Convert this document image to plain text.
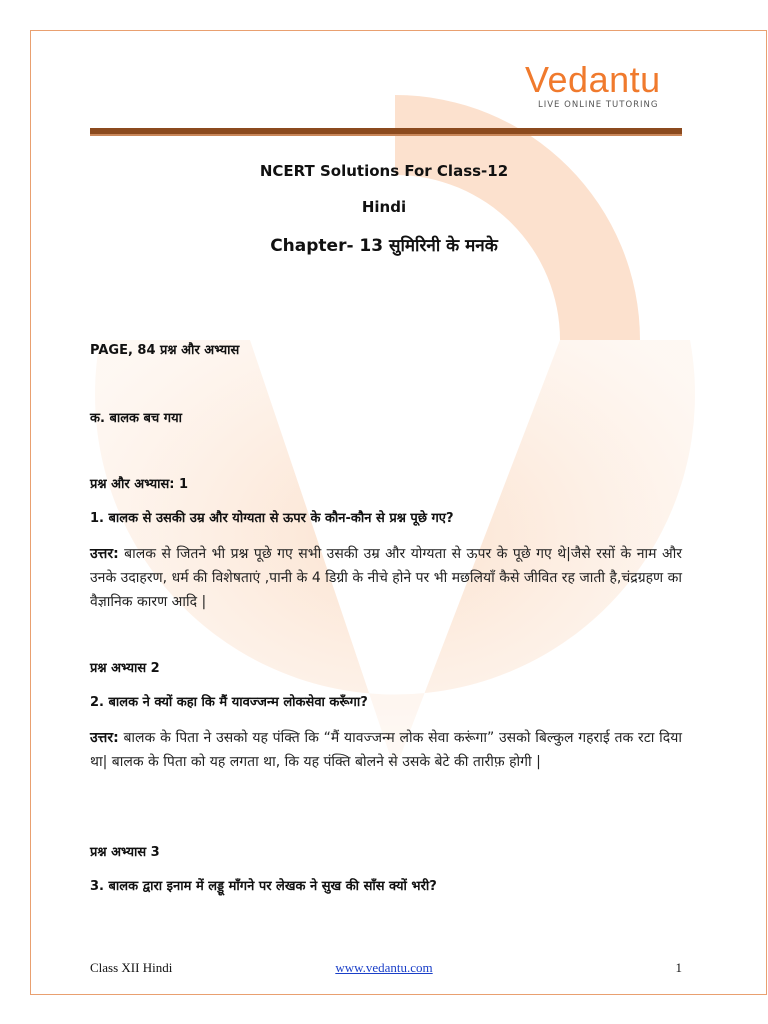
Vedantu
LIVE ONLINE TUTORING
NCERT Solutions For Class-12
Hindi
Chapter- 13 सुमिरिनी के मनके
PAGE, 84 प्रश्न और अभ्यास
क. बालक बच गया
प्रश्न और अभ्यास: 1
1. बालक से उसकी उम्र और योग्यता से ऊपर के कौन-कौन से प्रश्न पूछे गए?
उत्तर: बालक से जितने भी प्रश्न पूछे गए सभी उसकी उम्र और योग्यता से ऊपर के पूछे गए थे|जैसे रसों के नाम और उनके उदाहरण, धर्म की विशेषताएं ,पानी के 4 डिग्री के नीचे होने पर भी मछलियाँ कैसे जीवित रह जाती है,चंद्रग्रहण का वैज्ञानिक कारण आदि |
प्रश्न अभ्यास 2
2. बालक ने क्यों कहा कि मैं यावज्जन्म लोकसेवा करूँगा?
उत्तर: बालक के पिता ने उसको यह पंक्ति कि “मैं यावज्जन्म लोक सेवा करूंगा” उसको बिल्कुल गहराई तक रटा दिया था| बालक के पिता को यह लगता था, कि यह पंक्ति बोलने से उसके बेटे की तारीफ़ होगी |
प्रश्न अभ्यास 3
3. बालक द्वारा इनाम में लड्डू माँगने पर लेखक ने सुख की साँस क्यों भरी?
Class XII Hindi	www.vedantu.com	1
